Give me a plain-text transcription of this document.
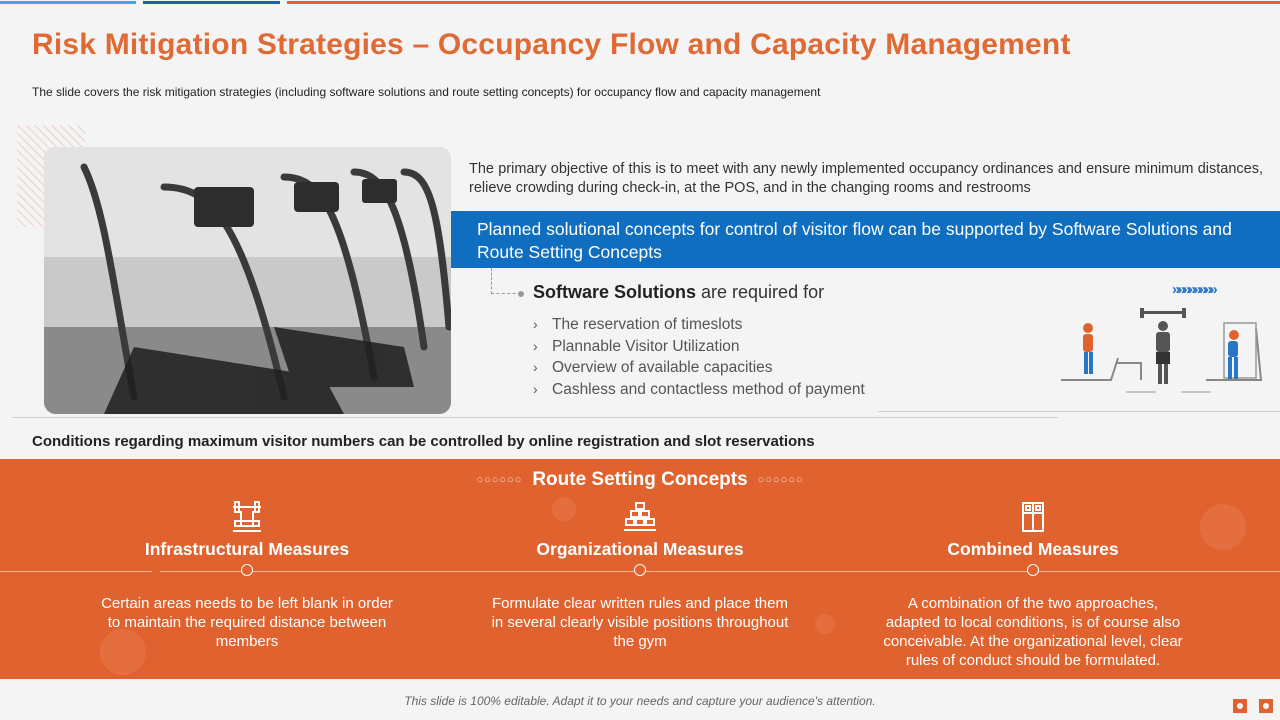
Risk Mitigation Strategies – Occupancy Flow and Capacity Management
The slide covers the risk mitigation strategies (including software solutions and route setting concepts) for occupancy flow and capacity management
The primary objective of this is to meet with any newly implemented occupancy ordinances and ensure minimum distances, relieve crowding during check-in, at the POS, and in the changing rooms and restrooms
Planned solutional concepts for control of visitor flow can be supported by Software Solutions and Route Setting Concepts
Software Solutions are required for
› The reservation of timeslots
› Plannable Visitor Utilization
› Overview of available capacities
› Cashless and contactless method of payment
»»»»»»»»
Conditions regarding maximum visitor numbers can be controlled by online registration and slot reservations
○○○○○○ Route Setting Concepts ○○○○○○
Infrastructural Measures
Certain areas needs to be left blank in order to maintain the required distance between members
Organizational Measures
Formulate clear written rules and place them in several clearly visible positions throughout the gym
Combined Measures
A combination of the two approaches, adapted to local conditions, is of course also conceivable. At the organizational level, clear rules of conduct should be formulated.
This slide is 100% editable. Adapt it to your needs and capture your audience's attention.
